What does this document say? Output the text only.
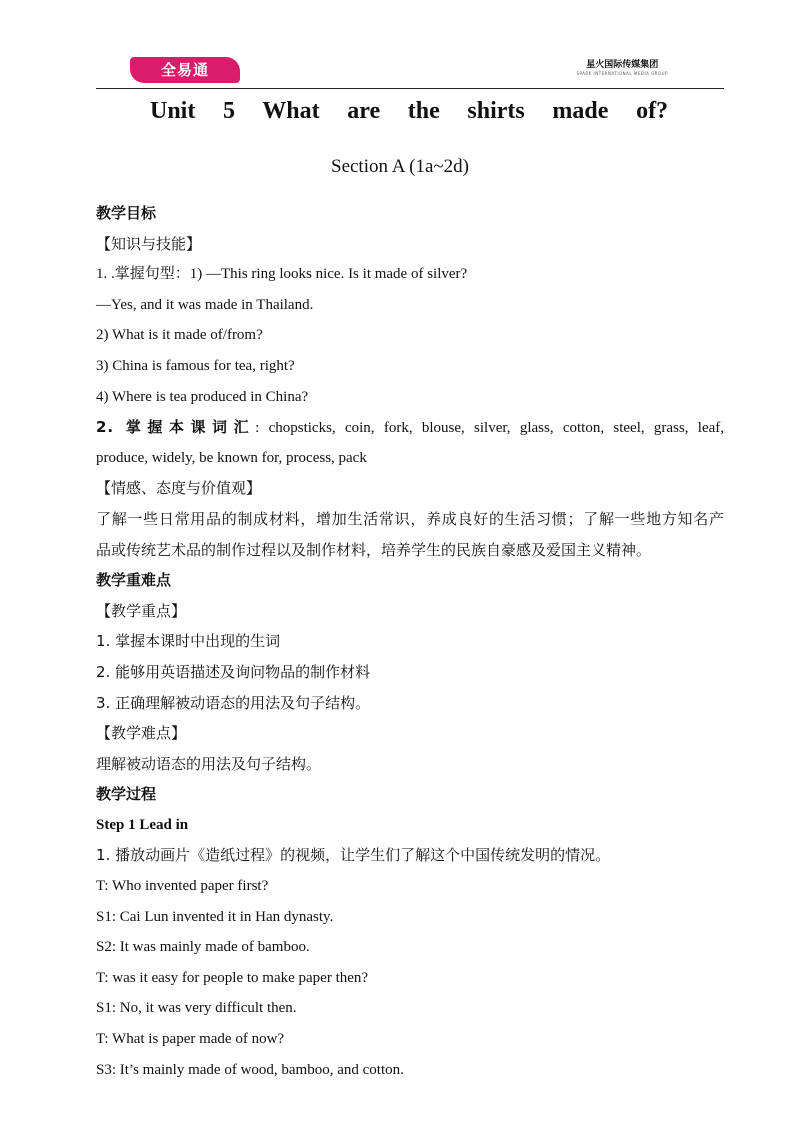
全易通	星火国际传媒集团
SPARK INTERNATIONAL MEDIA GROUP
Unit 5 What are the shirts made of?
Section A (1a~2d)
教学目标
【知识与技能】
1. .掌握句型：1) —This ring looks nice. Is it made of silver?
—Yes, and it was made in Thailand.
2) What is it made of/from?
3) China is famous for tea, right?
4) Where is tea produced in China?
2. 掌握本课词汇: chopsticks, coin, fork, blouse, silver, glass, cotton, steel, grass, leaf,
produce, widely, be known for, process, pack
【情感、态度与价值观】
了解一些日常用品的制成材料，增加生活常识，养成良好的生活习惯；了解一些地方知名产
品或传统艺术品的制作过程以及制作材料，培养学生的民族自豪感及爱国主义精神。
教学重难点
【教学重点】
1. 掌握本课时中出现的生词
2. 能够用英语描述及询问物品的制作材料
3. 正确理解被动语态的用法及句子结构。
【教学难点】
理解被动语态的用法及句子结构。
教学过程
Step 1 Lead in
1. 播放动画片《造纸过程》的视频，让学生们了解这个中国传统发明的情况。
T: Who invented paper first?
S1: Cai Lun invented it in Han dynasty.
S2: It was mainly made of bamboo.
T: was it easy for people to make paper then?
S1: No, it was very difficult then.
T: What is paper made of now?
S3: It’s mainly made of wood, bamboo, and cotton.
